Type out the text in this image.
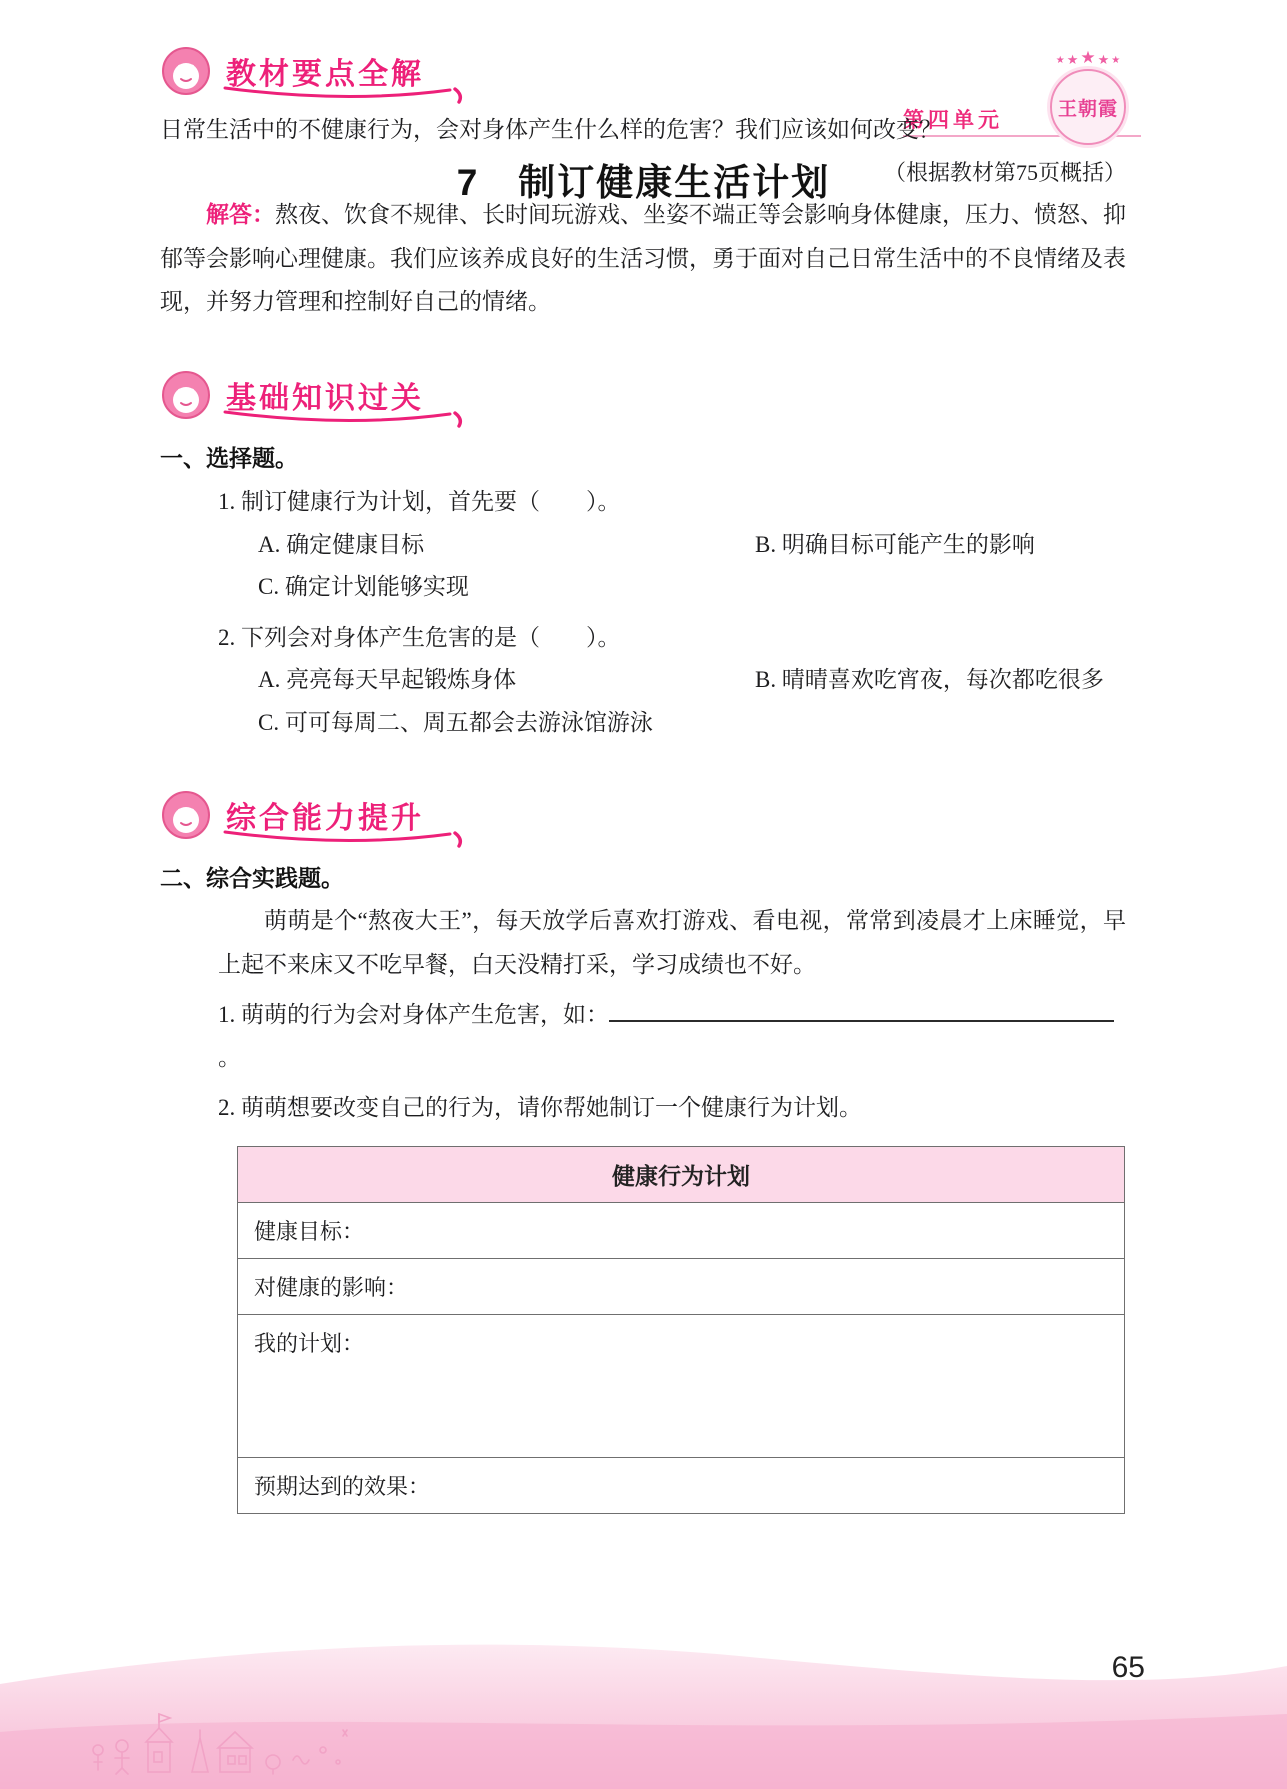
第四单元
★ ★ ★ ★ ★
王朝霞
7　制订健康生活计划
教材要点全解

日常生活中的不健康行为，会对身体产生什么样的危害？我们应该如何改变？

（根据教材第75页概括）

解答：熬夜、饮食不规律、长时间玩游戏、坐姿不端正等会影响身体健康，压力、愤怒、抑郁等会影响心理健康。我们应该养成良好的生活习惯，勇于面对自己日常生活中的不良情绪及表现，并努力管理和控制好自己的情绪。

基础知识过关

一、选择题。

1. 制订健康行为计划，首先要（　　）。

A. 确定健康目标	B. 明确目标可能产生的影响
C. 确定计划能够实现

2. 下列会对身体产生危害的是（　　）。

A. 亮亮每天早起锻炼身体	B. 晴晴喜欢吃宵夜，每次都吃很多
C. 可可每周二、周五都会去游泳馆游泳
综合能力提升

二、综合实践题。

萌萌是个“熬夜大王”，每天放学后喜欢打游戏、看电视，常常到凌晨才上床睡觉，早上起不来床又不吃早餐，白天没精打采，学习成绩也不好。

1. 萌萌的行为会对身体产生危害，如：。

2. 萌萌想要改变自己的行为，请你帮她制订一个健康行为计划。

健康行为计划
健康目标：
对健康的影响：
我的计划：
预期达到的效果：
65
